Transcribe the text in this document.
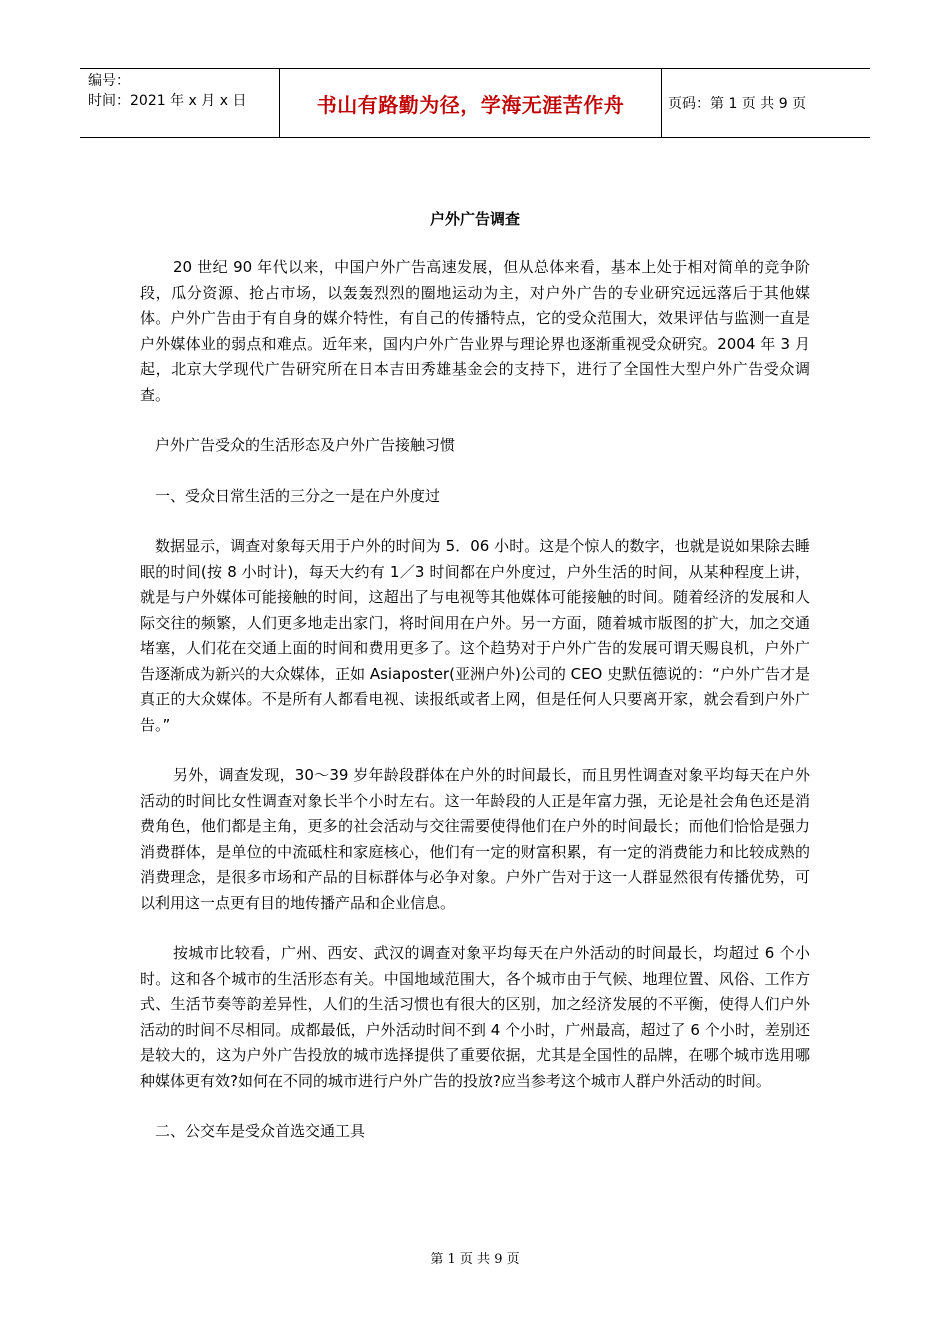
编号：
时间：2021 年 x 月 x 日	书山有路勤为径，学海无涯苦作舟	页码：第 1 页 共 9 页
户外广告调查

20 世纪 90 年代以来，中国户外广告高速发展，但从总体来看，基本上处于相对简单的竞争阶段，瓜分资源、抢占市场，以轰轰烈烈的圈地运动为主，对户外广告的专业研究远远落后于其他媒体。户外广告由于有自身的媒介特性，有自己的传播特点，它的受众范围大，效果评估与监测一直是户外媒体业的弱点和难点。近年来，国内户外广告业界与理论界也逐渐重视受众研究。2004 年 3 月起，北京大学现代广告研究所在日本吉田秀雄基金会的支持下，进行了全国性大型户外广告受众调查。

户外广告受众的生活形态及户外广告接触习惯

一、受众日常生活的三分之一是在户外度过

数据显示，调查对象每天用于户外的时间为 5．06 小时。这是个惊人的数字，也就是说如果除去睡眠的时间(按 8 小时计)，每天大约有 1／3 时间都在户外度过，户外生活的时间，从某种程度上讲，就是与户外媒体可能接触的时间，这超出了与电视等其他媒体可能接触的时间。随着经济的发展和人际交往的频繁，人们更多地走出家门，将时间用在户外。另一方面，随着城市版图的扩大，加之交通堵塞，人们花在交通上面的时间和费用更多了。这个趋势对于户外广告的发展可谓天赐良机，户外广告逐渐成为新兴的大众媒体，正如 Asiaposter(亚洲户外)公司的 CEO 史默伍德说的：“户外广告才是真正的大众媒体。不是所有人都看电视、读报纸或者上网，但是任何人只要离开家，就会看到户外广告。”

另外，调查发现，30～39 岁年龄段群体在户外的时间最长，而且男性调查对象平均每天在户外活动的时间比女性调查对象长半个小时左右。这一年龄段的人正是年富力强，无论是社会角色还是消费角色，他们都是主角，更多的社会活动与交往需要使得他们在户外的时间最长；而他们恰恰是强力消费群体，是单位的中流砥柱和家庭核心，他们有一定的财富积累，有一定的消费能力和比较成熟的消费理念，是很多市场和产品的目标群体与必争对象。户外广告对于这一人群显然很有传播优势，可以利用这一点更有目的地传播产品和企业信息。

按城市比较看，广州、西安、武汉的调查对象平均每天在户外活动的时间最长，均超过 6 个小时。这和各个城市的生活形态有关。中国地域范围大，各个城市由于气候、地理位置、风俗、工作方式、生活节奏等韵差异性，人们的生活习惯也有很大的区别，加之经济发展的不平衡，使得人们户外活动的时间不尽相同。成都最低，户外活动时间不到 4 个小时，广州最高，超过了 6 个小时，差别还是较大的，这为户外广告投放的城市选择提供了重要依据，尤其是全国性的品牌，在哪个城市选用哪种媒体更有效?如何在不同的城市进行户外广告的投放?应当参考这个城市人群户外活动的时间。

二、公交车是受众首选交通工具

第 1 页 共 9 页
